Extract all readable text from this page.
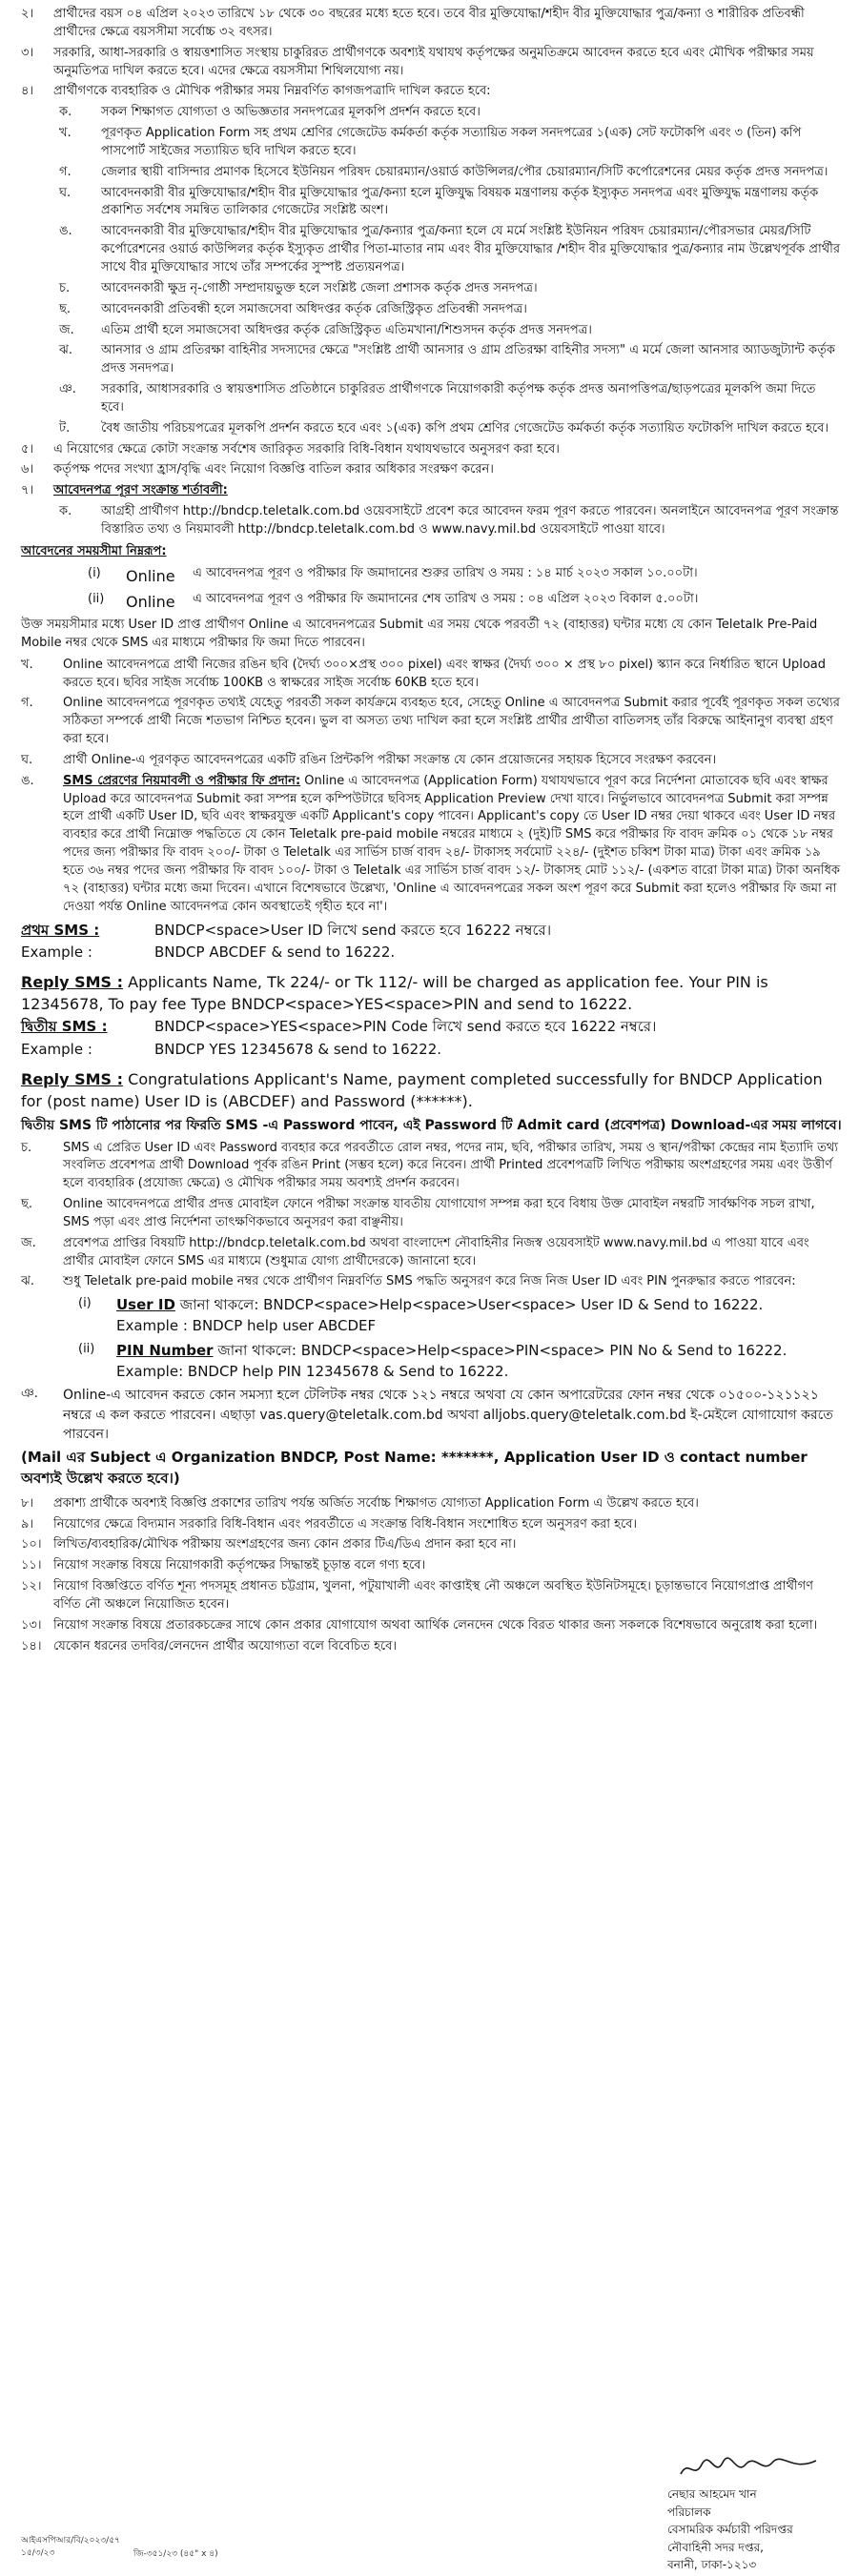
২।	প্রার্থীদের বয়স ০৪ এপ্রিল ২০২৩ তারিখে ১৮ থেকে ৩০ বছরের মধ্যে হতে হবে। তবে বীর মুক্তিযোদ্ধা/শহীদ বীর মুক্তিযোদ্ধার পুত্র/কন্যা ও শারীরিক প্রতিবন্ধী প্রার্থীদের ক্ষেত্রে বয়সসীমা সর্বোচ্চ ৩২ বৎসর।
৩।	সরকারি, আধা-সরকারি ও স্বায়ত্তশাসিত সংস্থায় চাকুরিরত প্রার্থীগণকে অবশ্যই যথাযথ কর্তৃপক্ষের অনুমতিক্রমে আবেদন করতে হবে এবং মৌখিক পরীক্ষার সময় অনুমতিপত্র দাখিল করতে হবে। এদের ক্ষেত্রে বয়সসীমা শিথিলযোগ্য নয়।
৪।	প্রার্থীগণকে ব্যবহারিক ও মৌখিক পরীক্ষার সময় নিম্নবর্ণিত কাগজপত্রাদি দাখিল করতে হবে:
ক.	সকল শিক্ষাগত যোগ্যতা ও অভিজ্ঞতার সনদপত্রের মূলকপি প্রদর্শন করতে হবে।
খ.	পূরণকৃত Application Form সহ প্রথম শ্রেণির গেজেটেড কর্মকর্তা কর্তৃক সত্যায়িত সকল সনদপত্রের ১(এক) সেট ফটোকপি এবং ৩ (তিন) কপি পাসপোর্ট সাইজের সত্যায়িত ছবি দাখিল করতে হবে।
গ.	জেলার স্থায়ী বাসিন্দার প্রমাণক হিসেবে ইউনিয়ন পরিষদ চেয়ারম্যান/ওয়ার্ড কাউন্সিলর/পৌর চেয়ারম্যান/সিটি কর্পোরেশনের মেয়র কর্তৃক প্রদত্ত সনদপত্র।
ঘ.	আবেদনকারী বীর মুক্তিযোদ্ধার/শহীদ বীর মুক্তিযোদ্ধার পুত্র/কন্যা হলে মুক্তিযুদ্ধ বিষয়ক মন্ত্রণালয় কর্তৃক ইস্যুকৃত সনদপত্র এবং মুক্তিযুদ্ধ মন্ত্রণালয় কর্তৃক প্রকাশিত সর্বশেষ সমন্বিত তালিকার গেজেটের সংশ্লিষ্ট অংশ।
ঙ.	আবেদনকারী বীর মুক্তিযোদ্ধার/শহীদ বীর মুক্তিযোদ্ধার পুত্র/কন্যার পুত্র/কন্যা হলে যে মর্মে সংশ্লিষ্ট ইউনিয়ন পরিষদ চেয়ারম্যান/পৌরসভার মেয়র/সিটি কর্পোরেশনের ওয়ার্ড কাউন্সিলর কর্তৃক ইস্যুকৃত প্রার্থীর পিতা-মাতার নাম এবং বীর মুক্তিযোদ্ধার /শহীদ বীর মুক্তিযোদ্ধার পুত্র/কন্যার নাম উল্লেখপূর্বক প্রার্থীর সাথে বীর মুক্তিযোদ্ধার সাথে তাঁর সম্পর্কের সুস্পষ্ট প্রত্যয়নপত্র।
চ.	আবেদনকারী ক্ষুদ্র নৃ-গোষ্ঠী সম্প্রদায়ভুক্ত হলে সংশ্লিষ্ট জেলা প্রশাসক কর্তৃক প্রদত্ত সনদপত্র।
ছ.	আবেদনকারী প্রতিবন্ধী হলে সমাজসেবা অধিদপ্তর কর্তৃক রেজিস্ট্রিকৃত প্রতিবন্ধী সনদপত্র।
জ.	এতিম প্রার্থী হলে সমাজসেবা অধিদপ্তর কর্তৃক রেজিস্ট্রিকৃত এতিমখানা/শিশুসদন কর্তৃক প্রদত্ত সনদপত্র।
ঝ.	আনসার ও গ্রাম প্রতিরক্ষা বাহিনীর সদস্যদের ক্ষেত্রে "সংশ্লিষ্ট প্রার্থী আনসার ও গ্রাম প্রতিরক্ষা বাহিনীর সদস্য" এ মর্মে জেলা আনসার অ্যাডজুট্যান্ট কর্তৃক প্রদত্ত সনদপত্র।
ঞ.	সরকারি, আধাসরকারি ও স্বায়ত্তশাসিত প্রতিষ্ঠানে চাকুরিরত প্রার্থীগণকে নিয়োগকারী কর্তৃপক্ষ কর্তৃক প্রদত্ত অনাপত্তিপত্র/ছাড়পত্রের মূলকপি জমা দিতে হবে।
ট.	বৈধ জাতীয় পরিচয়পত্রের মূলকপি প্রদর্শন করতে হবে এবং ১(এক) কপি প্রথম শ্রেণির গেজেটেড কর্মকর্তা কর্তৃক সত্যায়িত ফটোকপি দাখিল করতে হবে।
৫।	এ নিয়োগের ক্ষেত্রে কোটা সংক্রান্ত সর্বশেষ জারিকৃত সরকারি বিধি-বিধান যথাযথভাবে অনুসরণ করা হবে।
৬।	কর্তৃপক্ষ পদের সংখ্যা হ্রাস/বৃদ্ধি এবং নিয়োগ বিজ্ঞপ্তি বাতিল করার অধিকার সংরক্ষণ করেন।
৭।	আবেদনপত্র পূরণ সংক্রান্ত শর্তাবলী:
ক.	আগ্রহী প্রার্থীগণ http://bndcp.teletalk.com.bd ওয়েবসাইটে প্রবেশ করে আবেদন ফরম পূরণ করতে পারবেন। অনলাইনে আবেদনপত্র পূরণ সংক্রান্ত বিস্তারিত তথ্য ও নিয়মাবলী http://bndcp.teletalk.com.bd ও www.navy.mil.bd ওয়েবসাইটে পাওয়া যাবে।
আবেদনের সময়সীমা নিম্নরূপ:
(i)	Online	এ আবেদনপত্র পূরণ ও পরীক্ষার ফি জমাদানের শুরুর তারিখ ও সময় : ১৪ মার্চ ২০২৩ সকাল ১০.০০টা।
(ii)	Online	এ আবেদনপত্র পূরণ ও পরীক্ষার ফি জমাদানের শেষ তারিখ ও সময় : ০৪ এপ্রিল ২০২৩ বিকাল ৫.০০টা।
উক্ত সময়সীমার মধ্যে User ID প্রাপ্ত প্রার্থীগণ Online এ আবেদনপত্রের Submit এর সময় থেকে পরবর্তী ৭২ (বাহাত্তর) ঘন্টার মধ্যে যে কোন Teletalk Pre-Paid Mobile নম্বর থেকে SMS এর মাধ্যমে পরীক্ষার ফি জমা দিতে পারবেন।
খ.	Online আবেদনপত্রে প্রার্থী নিজের রঙিন ছবি (দৈর্ঘ্য ৩০০×প্রস্থ ৩০০ pixel) এবং স্বাক্ষর (দৈর্ঘ্য ৩০০ × প্রস্থ ৮০ pixel) স্ক্যান করে নির্ধারিত স্থানে Upload করতে হবে। ছবির সাইজ সর্বোচ্চ 100KB ও স্বাক্ষরের সাইজ সর্বোচ্চ 60KB হতে হবে।
গ.	Online আবেদনপত্রে পূরণকৃত তথ্যই যেহেতু পরবর্তী সকল কার্যক্রমে ব্যবহৃত হবে, সেহেতু Online এ আবেদনপত্র Submit করার পূর্বেই পূরণকৃত সকল তথ্যের সঠিকতা সম্পর্কে প্রার্থী নিজে শতভাগ নিশ্চিত হবেন। ভুল বা অসত্য তথ্য দাখিল করা হলে সংশ্লিষ্ট প্রার্থীর প্রার্থীতা বাতিলসহ তাঁর বিরুদ্ধে আইনানুগ ব্যবস্থা গ্রহণ করা হবে।
ঘ.	প্রার্থী Online-এ পূরণকৃত আবেদনপত্রের একটি রঙিন প্রিন্টকপি পরীক্ষা সংক্রান্ত যে কোন প্রয়োজনের সহায়ক হিসেবে সংরক্ষণ করবেন।
ঙ.	SMS প্রেরণের নিয়মাবলী ও পরীক্ষার ফি প্রদান: Online এ আবেদনপত্র (Application Form) যথাযথভাবে পূরণ করে নির্দেশনা মোতাবেক ছবি এবং স্বাক্ষর Upload করে আবেদনপত্র Submit করা সম্পন্ন হলে কম্পিউটারে ছবিসহ Application Preview দেখা যাবে। নির্ভুলভাবে আবেদনপত্র Submit করা সম্পন্ন হলে প্রার্থী একটি User ID, ছবি এবং স্বাক্ষরযুক্ত একটি Applicant's copy পাবেন। Applicant's copy তে User ID নম্বর দেয়া থাকবে এবং User ID নম্বর ব্যবহার করে প্রার্থী নিম্নোক্ত পদ্ধতিতে যে কোন Teletalk pre-paid mobile নম্বরের মাধ্যমে ২ (দুই)টি SMS করে পরীক্ষার ফি বাবদ ক্রমিক ০১ থেকে ১৮ নম্বর পদের জন্য পরীক্ষার ফি বাবদ ২০০/- টাকা ও Teletalk এর সার্ভিস চার্জ বাবদ ২৪/- টাকাসহ সর্বমোট ২২৪/- (দুইশত চব্বিশ টাকা মাত্র) টাকা এবং ক্রমিক ১৯ হতে ৩৬ নম্বর পদের জন্য পরীক্ষার ফি বাবদ ১০০/- টাকা ও Teletalk এর সার্ভিস চার্জ বাবদ ১২/- টাকাসহ মোট ১১২/- (একশত বারো টাকা মাত্র) টাকা অনধিক ৭২ (বাহাত্তর) ঘন্টার মধ্যে জমা দিবেন। এখানে বিশেষভাবে উল্লেখ্য, 'Online এ আবেদনপত্রের সকল অংশ পূরণ করে Submit করা হলেও পরীক্ষার ফি জমা না দেওয়া পর্যন্ত Online আবেদনপত্র কোন অবস্থাতেই গৃহীত হবে না'।
প্রথম SMS :	BNDCP<space>User ID লিখে send করতে হবে 16222 নম্বরে।
Example :	BNDCP ABCDEF & send to 16222.
Reply SMS : Applicants Name, Tk 224/- or Tk 112/- will be charged as application fee. Your PIN is 12345678, To pay fee Type BNDCP<space>YES<space>PIN and send to 16222.
দ্বিতীয় SMS :	BNDCP<space>YES<space>PIN Code লিখে send করতে হবে 16222 নম্বরে।
Example :	BNDCP YES 12345678 & send to 16222.
Reply SMS : Congratulations Applicant's Name, payment completed successfully for BNDCP Application for (post name) User ID is (ABCDEF) and Password (******).
দ্বিতীয় SMS টি পাঠানোর পর ফিরতি SMS -এ Password পাবেন, এই Password টি Admit card (প্রবেশপত্র) Download-এর সময় লাগবে।
চ.	SMS এ প্রেরিত User ID এবং Password ব্যবহার করে পরবর্তীতে রোল নম্বর, পদের নাম, ছবি, পরীক্ষার তারিখ, সময় ও স্থান/পরীক্ষা কেন্দ্রের নাম ইত্যাদি তথ্য সংবলিত প্রবেশপত্র প্রার্থী Download পূর্বক রঙিন Print (সম্ভব হলে) করে নিবেন। প্রার্থী Printed প্রবেশপত্রটি লিখিত পরীক্ষায় অংশগ্রহণের সময় এবং উত্তীর্ণ হলে ব্যবহারিক (প্রযোজ্য ক্ষেত্রে) ও মৌখিক পরীক্ষার সময় অবশ্যই প্রদর্শন করবেন।
ছ.	Online আবেদনপত্রে প্রার্থীর প্রদত্ত মোবাইল ফোনে পরীক্ষা সংক্রান্ত যাবতীয় যোগাযোগ সম্পন্ন করা হবে বিধায় উক্ত মোবাইল নম্বরটি সার্বক্ষণিক সচল রাখা, SMS পড়া এবং প্রাপ্ত নির্দেশনা তাৎক্ষণিকভাবে অনুসরণ করা বাঞ্ছনীয়।
জ.	প্রবেশপত্র প্রাপ্তির বিষয়টি http://bndcp.teletalk.com.bd অথবা বাংলাদেশ নৌবাহিনীর নিজস্ব ওয়েবসাইট www.navy.mil.bd এ পাওয়া যাবে এবং প্রার্থীর মোবাইল ফোনে SMS এর মাধ্যমে (শুধুমাত্র যোগ্য প্রার্থীদেরকে) জানানো হবে।
ঝ.	শুধু Teletalk pre-paid mobile নম্বর থেকে প্রার্থীগণ নিম্নবর্ণিত SMS পদ্ধতি অনুসরণ করে নিজ নিজ User ID এবং PIN পুনরুদ্ধার করতে পারবেন:
(i)	User ID জানা থাকলে: BNDCP<space>Help<space>User<space> User ID & Send to 16222.
Example : BNDCP help user ABCDEF
(ii)	PIN Number জানা থাকলে: BNDCP<space>Help<space>PIN<space> PIN No & Send to 16222.
Example: BNDCP help PIN 12345678 & Send to 16222.
ঞ.	Online-এ আবেদন করতে কোন সমস্যা হলে টেলিটক নম্বর থেকে ১২১ নম্বরে অথবা যে কোন অপারেটরের ফোন নম্বর থেকে ০১৫০০-১২১১২১ নম্বরে এ কল করতে পারবেন। এছাড়া vas.query@teletalk.com.bd অথবা alljobs.query@teletalk.com.bd ই-মেইলে যোগাযোগ করতে পারবেন।
(Mail এর Subject এ Organization BNDCP, Post Name: *******, Application User ID ও contact number অবশ্যই উল্লেখ করতে হবে।)
৮।	প্রকাশ্য প্রার্থীকে অবশ্যই বিজ্ঞপ্তি প্রকাশের তারিখ পর্যন্ত অর্জিত সর্বোচ্চ শিক্ষাগত যোগ্যতা Application Form এ উল্লেখ করতে হবে।
৯।	নিয়োগের ক্ষেত্রে বিদ্যমান সরকারি বিধি-বিধান এবং পরবর্তীতে এ সংক্রান্ত বিধি-বিধান সংশোধিত হলে অনুসরণ করা হবে।
১০। লিখিত/ব্যবহারিক/মৌখিক পরীক্ষায় অংশগ্রহণের জন্য কোন প্রকার টিএ/ডিএ প্রদান করা হবে না।
১১। নিয়োগ সংক্রান্ত বিষয়ে নিয়োগকারী কর্তৃপক্ষের সিদ্ধান্তই চূড়ান্ত বলে গণ্য হবে।
১২। নিয়োগ বিজ্ঞপ্তিতে বর্ণিত শূন্য পদসমূহ প্রধানত চট্টগ্রাম, খুলনা, পটুয়াখালী এবং কাপ্তাইস্থ নৌ অঞ্চলে অবস্থিত ইউনিটসমূহে। চূড়ান্তভাবে নিয়োগপ্রাপ্ত প্রার্থীগণ বর্ণিত নৌ অঞ্চলে নিয়োজিত হবেন।
১৩। নিয়োগ সংক্রান্ত বিষয়ে প্রতারকচক্রের সাথে কোন প্রকার যোগাযোগ অথবা আর্থিক লেনদেন থেকে বিরত থাকার জন্য সকলকে বিশেষভাবে অনুরোধ করা হলো।
১৪। যেকোন ধরনের তদবির/লেনদেন প্রার্থীর অযোগ্যতা বলে বিবেচিত হবে।
নেছার আহমেদ খান
পরিচালক
বেসামরিক কর্মচারী পরিদপ্তর
নৌবাহিনী সদর দপ্তর,
বনানী, ঢাকা-১২১৩
আইএসপিআর/বি/২০২৩/৫৭
১৫/৩/২৩	জি-৩৫১/২৩ (৪৫" x ৪)
